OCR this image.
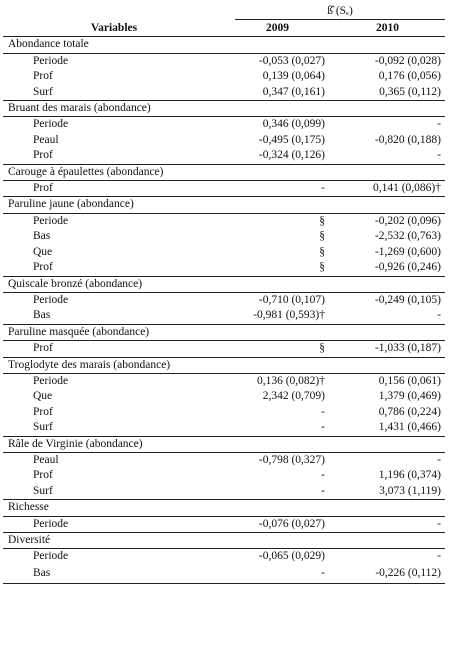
	ß̂ (Sₑ)	

Variables	2009	2010
Abondance totale		
Periode	-0,053 (0,027)	-0,092 (0,028)
Prof	0,139 (0,064)	0,176 (0,056)
Surf	0,347 (0,161)	0,365 (0,112)
Bruant des marais (abondance)		
Periode	0,346 (0,099)	-
Peaul	-0,495 (0,175)	-0,820 (0,188)
Prof	-0,324 (0,126)	-
Carouge à épaulettes (abondance)		
Prof	-	0,141 (0,086)†
Paruline jaune (abondance)		
Periode	§	-0,202 (0,096)
Bas	§	-2,532 (0,763)
Que	§	-1,269 (0,600)
Prof	§	-0,926 (0,246)
Quiscale bronzé (abondance)		
Periode	-0,710 (0,107)	-0,249 (0,105)
Bas	-0,981 (0,593)†	-
Paruline masquée (abondance)		
Prof	§	-1,033 (0,187)
Troglodyte des marais (abondance)		
Periode	0,136 (0,082)†	0,156 (0,061)
Que	2,342 (0,709)	1,379 (0,469)
Prof	-	0,786 (0,224)
Surf	-	1,431 (0,466)
Râle de Virginie (abondance)		
Peaul	-0,798 (0,327)	-
Prof	-	1,196 (0,374)
Surf	-	3,073 (1,119)
Richesse		
Periode	-0,076 (0,027)	-
Diversité		
Periode	-0,065 (0,029)	-
Bas	-	-0,226 (0,112)
